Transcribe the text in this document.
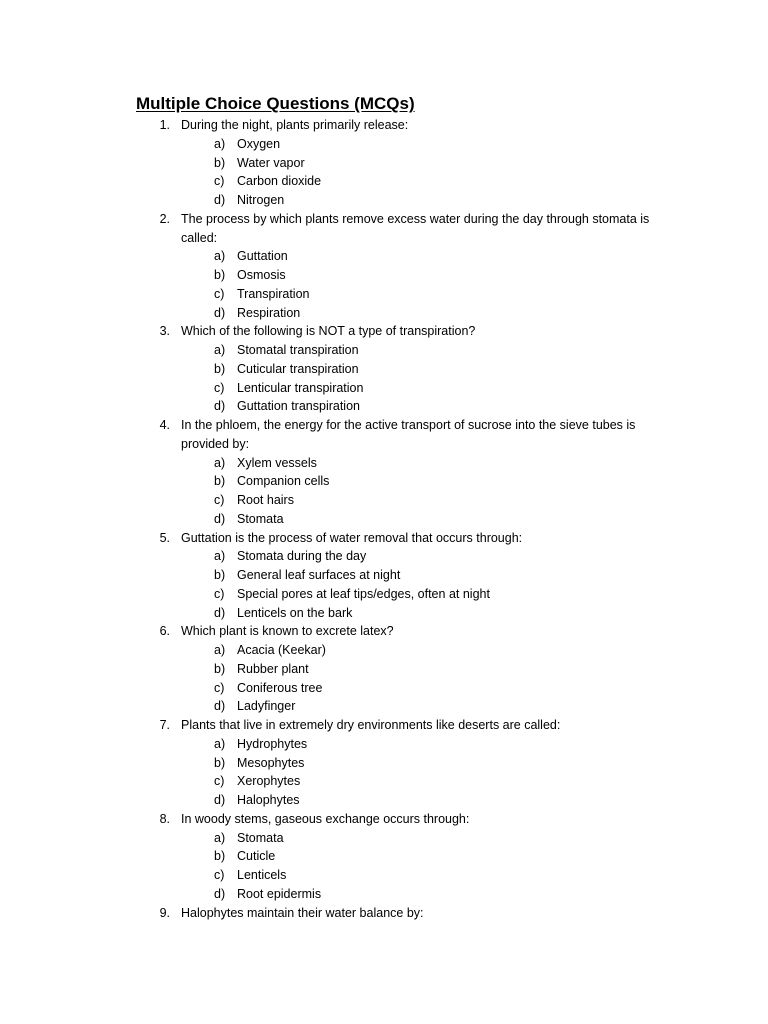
Multiple Choice Questions (MCQs)
1. During the night, plants primarily release:
a) Oxygen
b) Water vapor
c) Carbon dioxide
d) Nitrogen
2. The process by which plants remove excess water during the day through stomata is called:
a) Guttation
b) Osmosis
c) Transpiration
d) Respiration
3. Which of the following is NOT a type of transpiration?
a) Stomatal transpiration
b) Cuticular transpiration
c) Lenticular transpiration
d) Guttation transpiration
4. In the phloem, the energy for the active transport of sucrose into the sieve tubes is provided by:
a) Xylem vessels
b) Companion cells
c) Root hairs
d) Stomata
5. Guttation is the process of water removal that occurs through:
a) Stomata during the day
b) General leaf surfaces at night
c) Special pores at leaf tips/edges, often at night
d) Lenticels on the bark
6. Which plant is known to excrete latex?
a) Acacia (Keekar)
b) Rubber plant
c) Coniferous tree
d) Ladyfinger
7. Plants that live in extremely dry environments like deserts are called:
a) Hydrophytes
b) Mesophytes
c) Xerophytes
d) Halophytes
8. In woody stems, gaseous exchange occurs through:
a) Stomata
b) Cuticle
c) Lenticels
d) Root epidermis
9. Halophytes maintain their water balance by:
